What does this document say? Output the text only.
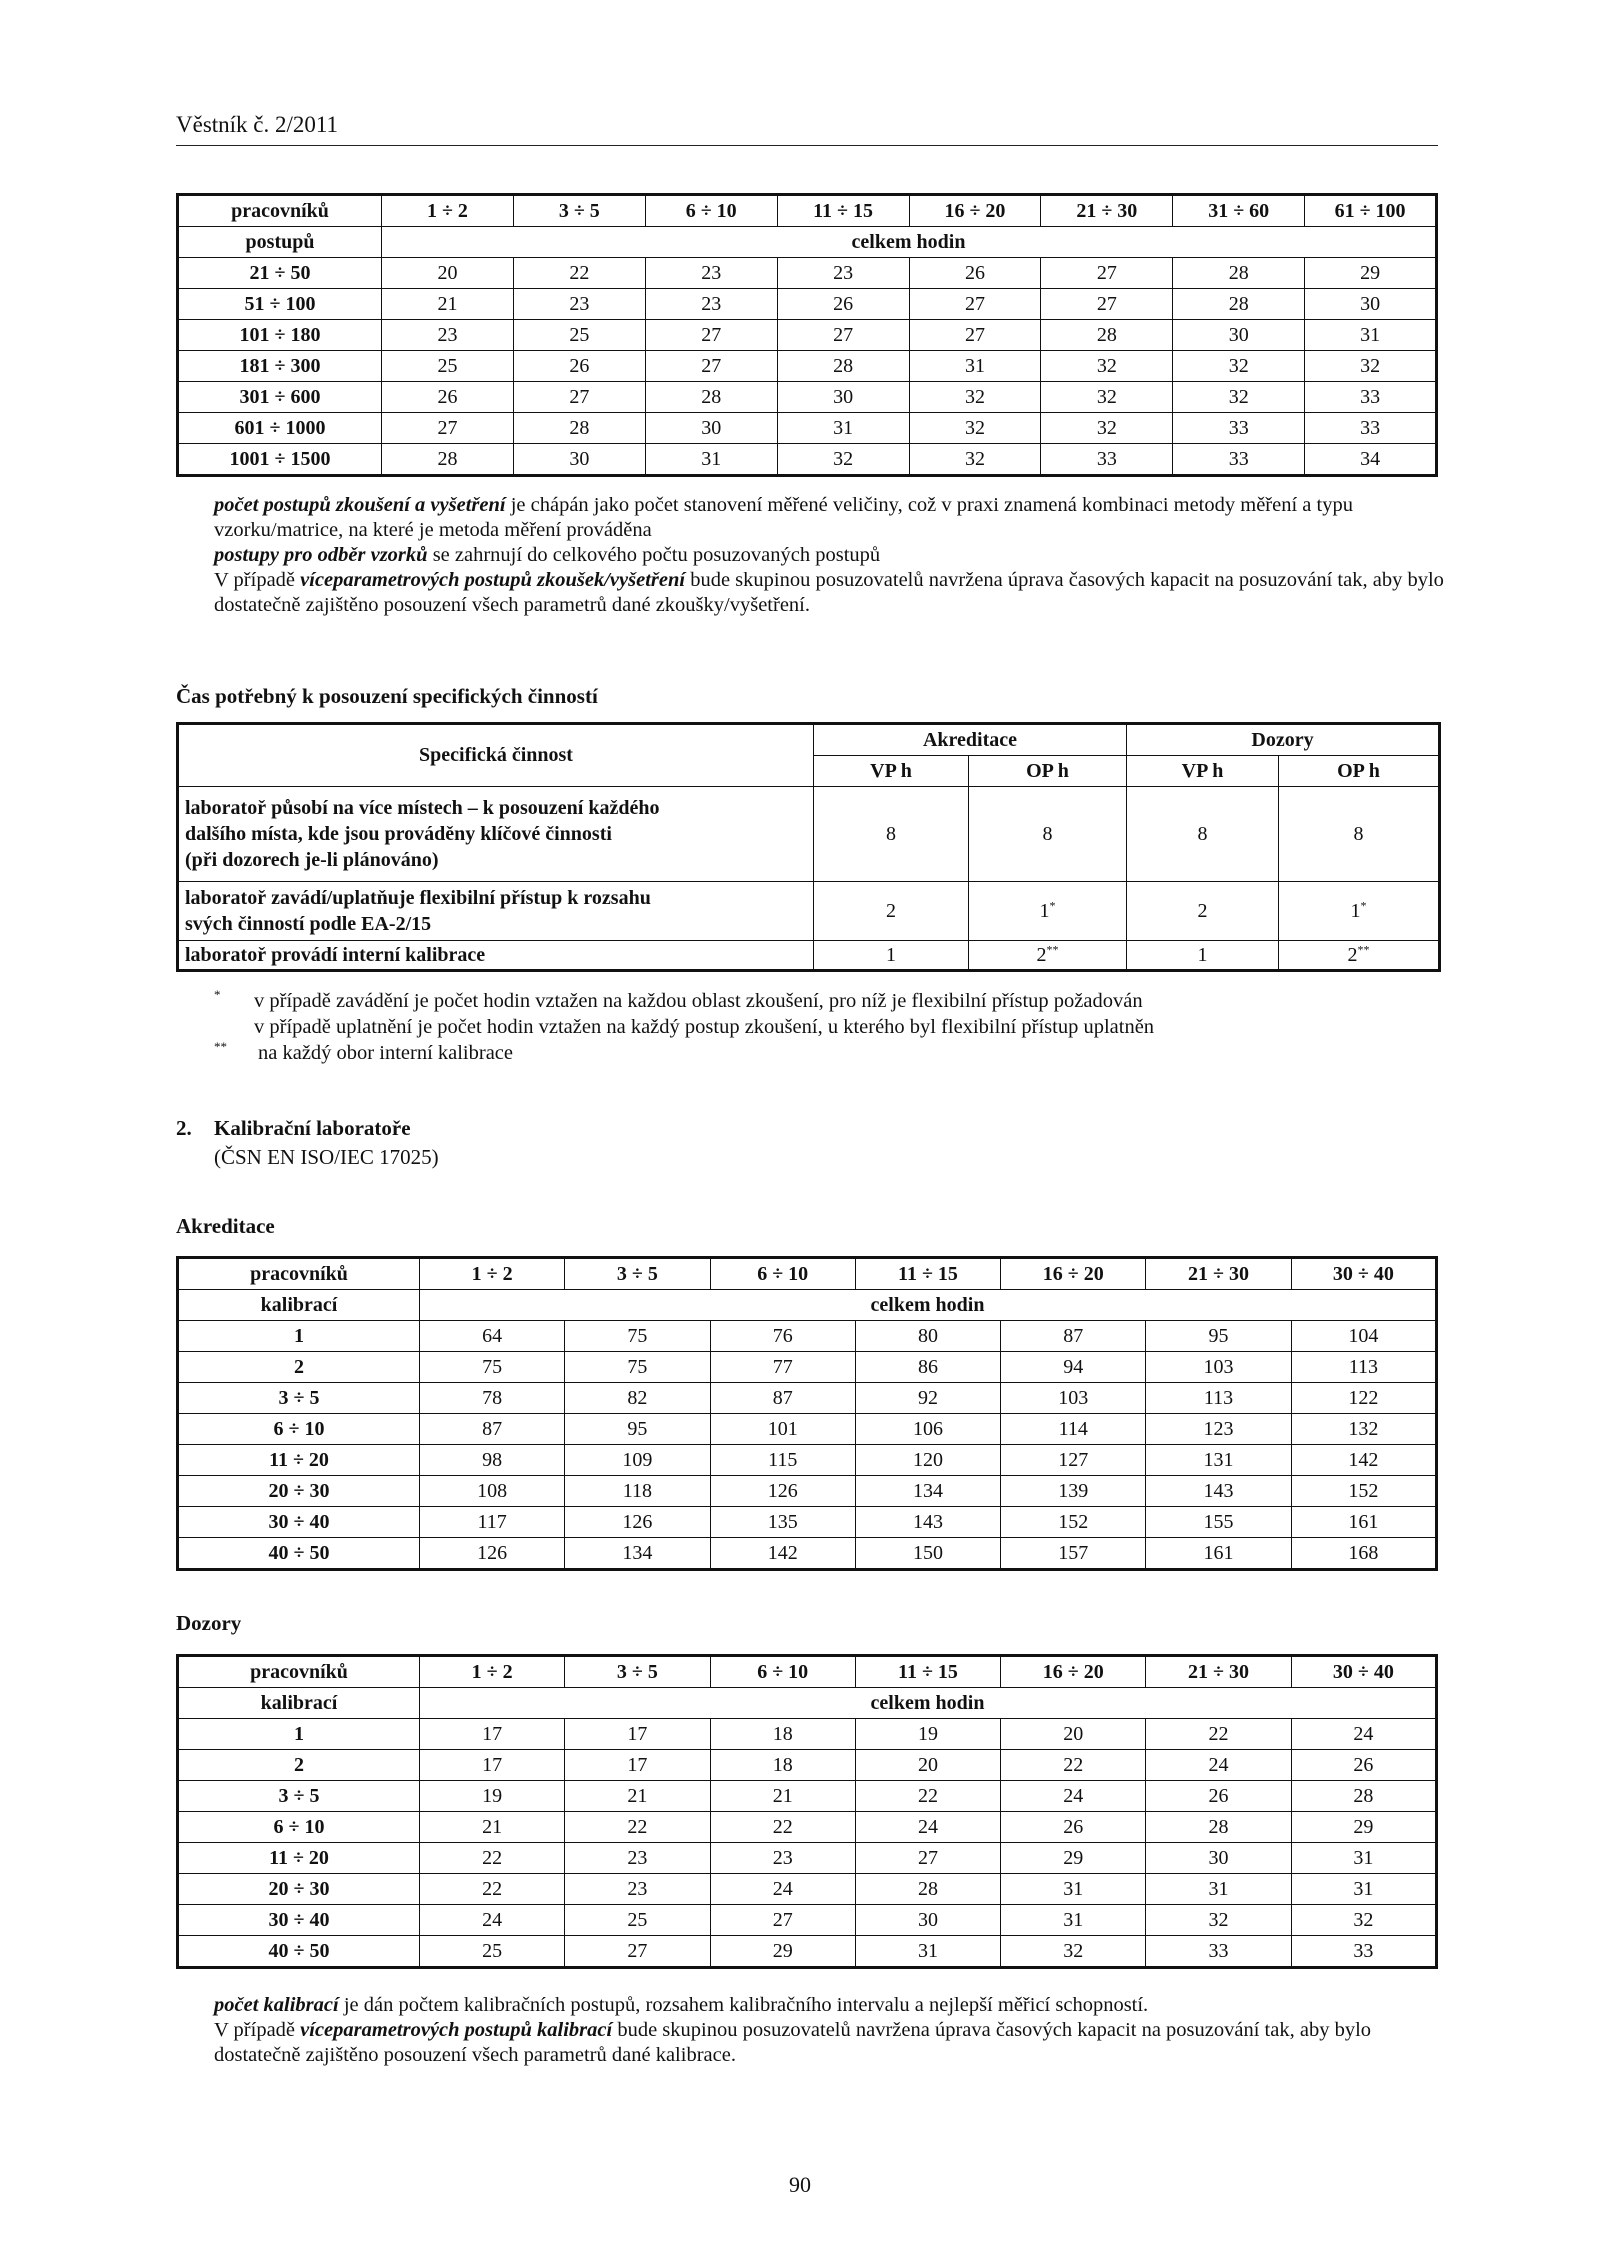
Věstník č. 2/2011
pracovníků	1 ÷ 2	3 ÷ 5	6 ÷ 10	11 ÷ 15	16 ÷ 20	21 ÷ 30	31 ÷ 60	61 ÷ 100
postupů	celkem hodin							
21 ÷ 50	20	22	23	23	26	27	28	29
51 ÷ 100	21	23	23	26	27	27	28	30
101 ÷ 180	23	25	27	27	27	28	30	31
181 ÷ 300	25	26	27	28	31	32	32	32
301 ÷ 600	26	27	28	30	32	32	32	33
601 ÷ 1000	27	28	30	31	32	32	33	33
1001 ÷ 1500	28	30	31	32	32	33	33	34

počet postupů zkoušení a vyšetření je chápán jako počet stanovení měřené veličiny, což v praxi znamená kombinaci metody měření a typu vzorku/matrice, na které je metoda měření prováděna

postupy pro odběr vzorků se zahrnují do celkového počtu posuzovaných postupů

V případě víceparametrových postupů zkoušek/vyšetření bude skupinou posuzovatelů navržena úprava časových kapacit na posuzování tak, aby bylo dostatečně zajištěno posouzení všech parametrů dané zkoušky/vyšetření.

Čas potřebný k posouzení specifických činností
Specifická činnost	Akreditace		Dozory	
	VP h	OP h	VP h	OP h

laboratoř působí na více místech – k posouzení každého
dalšího místa, kde jsou prováděny klíčové činnosti
(při dozorech je-li plánováno)	8	8	8	8

laboratoř zavádí/uplatňuje flexibilní přístup k rozsahu
svých činností podle EA-2/15	2	1*	2	1*

laboratoř provádí interní kalibrace	1	2**	1	2**
* v případě zavádění je počet hodin vztažen na každou oblast zkoušení, pro níž je flexibilní přístup požadován
v případě uplatnění je počet hodin vztažen na každý postup zkoušení, u kterého byl flexibilní přístup uplatněn
** na každý obor interní kalibrace
2. Kalibrační laboratoře
(ČSN EN ISO/IEC 17025)
Akreditace
pracovníků	1 ÷ 2	3 ÷ 5	6 ÷ 10	11 ÷ 15	16 ÷ 20	21 ÷ 30	30 ÷ 40
kalibrací	celkem hodin						
1	64	75	76	80	87	95	104
2	75	75	77	86	94	103	113
3 ÷ 5	78	82	87	92	103	113	122
6 ÷ 10	87	95	101	106	114	123	132
11 ÷ 20	98	109	115	120	127	131	142
20 ÷ 30	108	118	126	134	139	143	152
30 ÷ 40	117	126	135	143	152	155	161
40 ÷ 50	126	134	142	150	157	161	168
Dozory
pracovníků	1 ÷ 2	3 ÷ 5	6 ÷ 10	11 ÷ 15	16 ÷ 20	21 ÷ 30	30 ÷ 40
kalibrací	celkem hodin						
1	17	17	18	19	20	22	24
2	17	17	18	20	22	24	26
3 ÷ 5	19	21	21	22	24	26	28
6 ÷ 10	21	22	22	24	26	28	29
11 ÷ 20	22	23	23	27	29	30	31
20 ÷ 30	22	23	24	28	31	31	31
30 ÷ 40	24	25	27	30	31	32	32
40 ÷ 50	25	27	29	31	32	33	33

počet kalibrací je dán počtem kalibračních postupů, rozsahem kalibračního intervalu a nejlepší měřicí schopností.

V případě víceparametrových postupů kalibrací bude skupinou posuzovatelů navržena úprava časových kapacit na posuzování tak, aby bylo dostatečně zajištěno posouzení všech parametrů dané kalibrace.

90
